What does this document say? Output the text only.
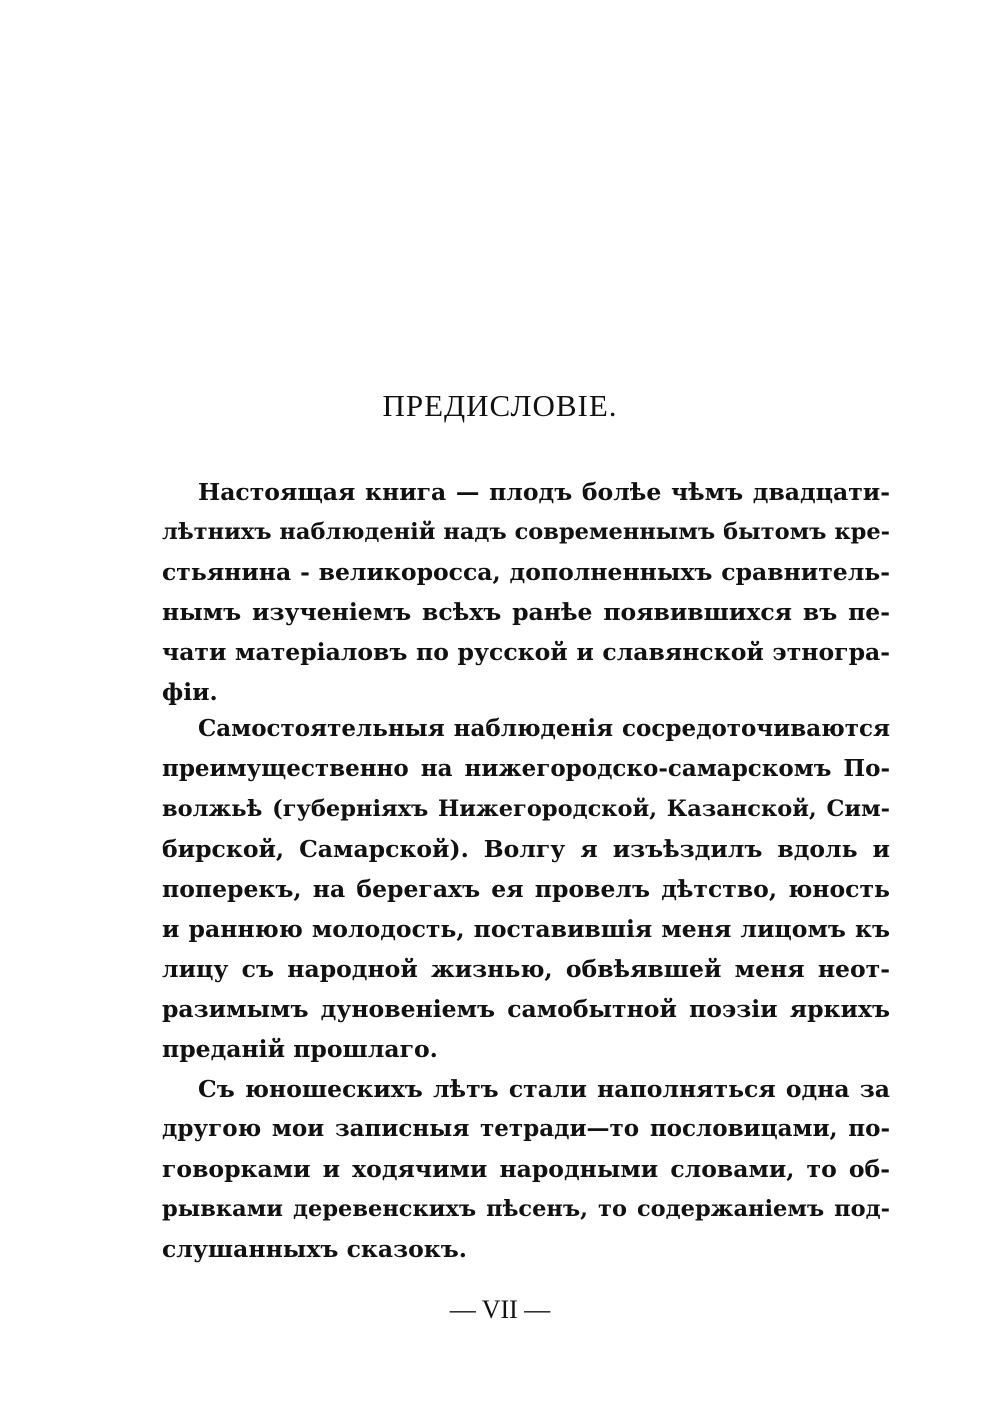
ПРЕДИСЛОВІЕ.
Настоящая книга — плодъ болѣе чѣмъ двадцати-
лѣтнихъ наблюденій надъ современнымъ бытомъ кре-
стьянина - великоросса, дополненныхъ сравнитель-
нымъ изученіемъ всѣхъ ранѣе появившихся въ пе-
чати матеріаловъ по русской и славянской этногра-
фіи.
Самостоятельныя наблюденія сосредоточиваются
преимущественно на нижегородско-самарскомъ По-
волжьѣ (губерніяхъ Нижегородской, Казанской, Сим-
бирской, Самарской). Волгу я изъѣздилъ вдоль и
поперекъ, на берегахъ ея провелъ дѣтство, юность
и раннюю молодость, поставившія меня лицомъ къ
лицу съ народной жизнью, обвѣявшей меня неот-
разимымъ дуновеніемъ самобытной поэзіи яркихъ
преданій прошлаго.
Съ юношескихъ лѣтъ стали наполняться одна за
другою мои записныя тетради—то пословицами, по-
говорками и ходячими народными словами, то об-
рывками деревенскихъ пѣсенъ, то содержаніемъ под-
слушанныхъ сказокъ.
— VII —
